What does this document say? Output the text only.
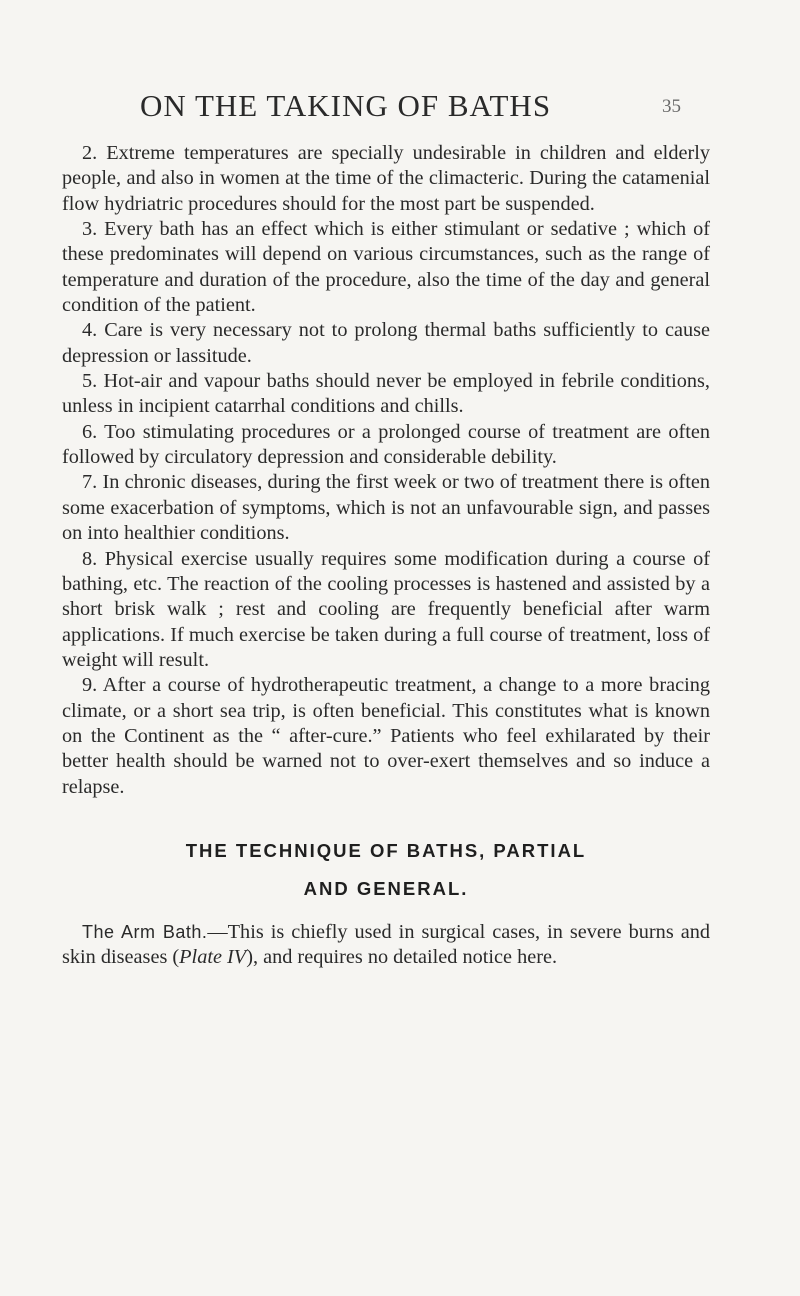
ON THE TAKING OF BATHS	35

2. Extreme temperatures are specially undesirable in children and elderly people, and also in women at the time of the climacteric. During the catamenial flow hydriatric procedures should for the most part be suspended.

3. Every bath has an effect which is either stimulant or sedative ; which of these predominates will depend on various circumstances, such as the range of temperature and duration of the procedure, also the time of the day and general condition of the patient.

4. Care is very necessary not to prolong thermal baths sufficiently to cause depression or lassitude.

5. Hot-air and vapour baths should never be employed in febrile conditions, unless in incipient catarrhal conditions and chills.

6. Too stimulating procedures or a prolonged course of treatment are often followed by circulatory depression and considerable debility.

7. In chronic diseases, during the first week or two of treatment there is often some exacerbation of symptoms, which is not an unfavourable sign, and passes on into healthier conditions.

8. Physical exercise usually requires some modification during a course of bathing, etc. The reaction of the cooling processes is hastened and assisted by a short brisk walk ; rest and cooling are frequently beneficial after warm applications. If much exercise be taken during a full course of treatment, loss of weight will result.

9. After a course of hydrotherapeutic treatment, a change to a more bracing climate, or a short sea trip, is often beneficial. This constitutes what is known on the Continent as the “ after-cure.” Patients who feel exhilarated by their better health should be warned not to over-exert themselves and so induce a relapse.

THE TECHNIQUE OF BATHS, PARTIAL
AND GENERAL.

The Arm Bath.—This is chiefly used in surgical cases, in severe burns and skin diseases (Plate IV), and requires no detailed notice here.
